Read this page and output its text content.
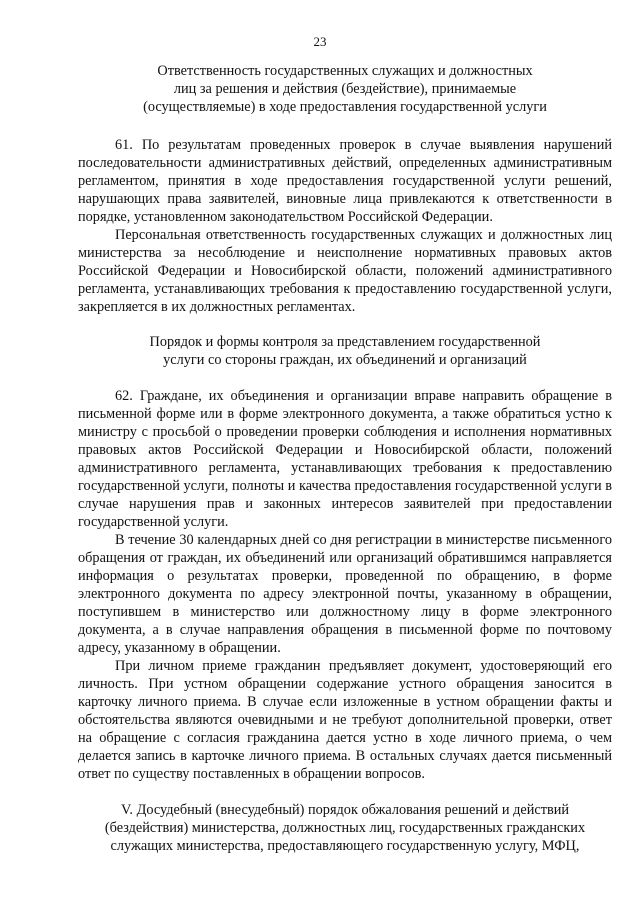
23
Ответственность государственных служащих и должностных
лиц за решения и действия (бездействие), принимаемые
(осуществляемые) в ходе предоставления государственной услуги

61. По результатам проведенных проверок в случае выявления нарушений последовательности административных действий, определенных административным регламентом, принятия в ходе предоставления государственной услуги решений, нарушающих права заявителей, виновные лица привлекаются к ответственности в порядке, установленном законодательством Российской Федерации.

Персональная ответственность государственных служащих и должностных лиц министерства за несоблюдение и неисполнение нормативных правовых актов Российской Федерации и Новосибирской области, положений административного регламента, устанавливающих требования к предоставлению государственной услуги, закрепляется в их должностных регламентах.

Порядок и формы контроля за представлением государственной
услуги со стороны граждан, их объединений и организаций

62. Граждане, их объединения и организации вправе направить обращение в письменной форме или в форме электронного документа, а также обратиться устно к министру с просьбой о проведении проверки соблюдения и исполнения нормативных правовых актов Российской Федерации и Новосибирской области, положений административного регламента, устанавливающих требования к предоставлению государственной услуги, полноты и качества предоставления государственной услуги в случае нарушения прав и законных интересов заявителей при предоставлении государственной услуги.

В течение 30 календарных дней со дня регистрации в министерстве письменного обращения от граждан, их объединений или организаций обратившимся направляется информация о результатах проверки, проведенной по обращению, в форме электронного документа по адресу электронной почты, указанному в обращении, поступившем в министерство или должностному лицу в форме электронного документа, а в случае направления обращения в письменной форме по почтовому адресу, указанному в обращении.

При личном приеме гражданин предъявляет документ, удостоверяющий его личность. При устном обращении содержание устного обращения заносится в карточку личного приема. В случае если изложенные в устном обращении факты и обстоятельства являются очевидными и не требуют дополнительной проверки, ответ на обращение с согласия гражданина дается устно в ходе личного приема, о чем делается запись в карточке личного приема. В остальных случаях дается письменный ответ по существу поставленных в обращении вопросов.

V. Досудебный (внесудебный) порядок обжалования решений и действий
(бездействия) министерства, должностных лиц, государственных гражданских
служащих министерства, предоставляющего государственную услугу, МФЦ,
